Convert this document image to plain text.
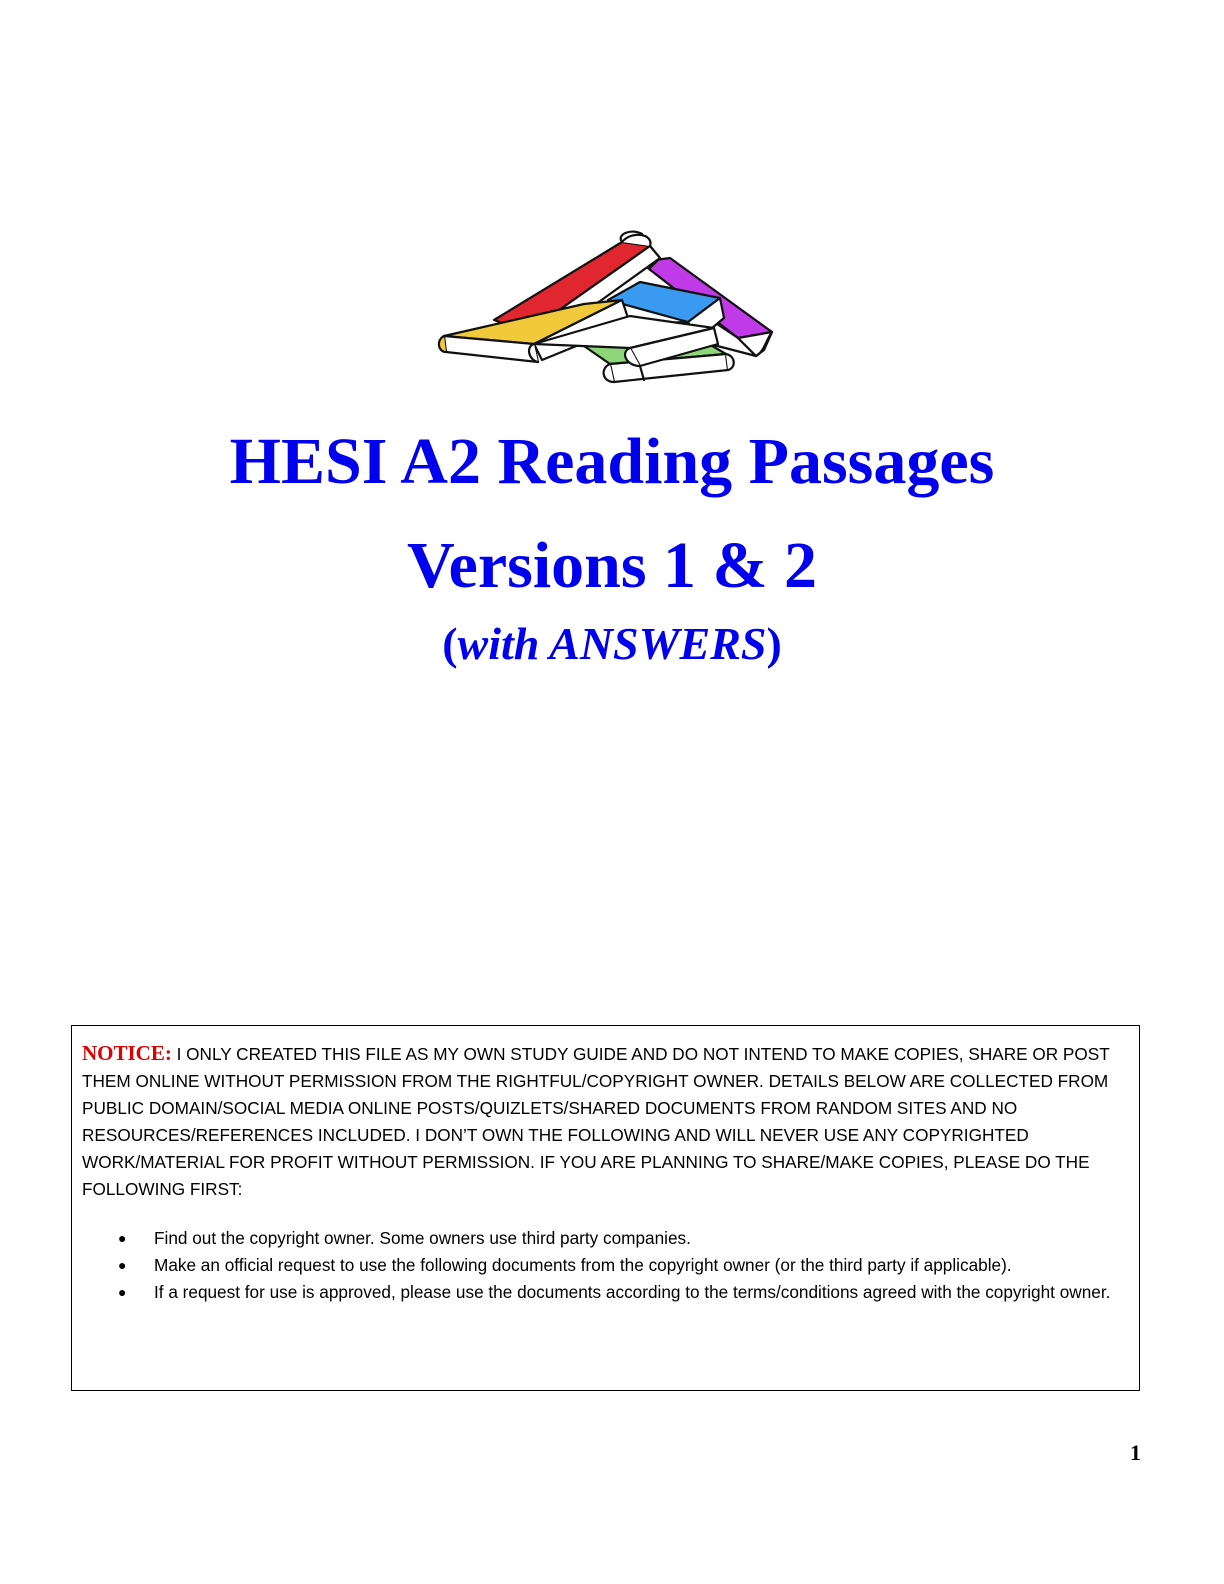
HESI A2 Reading Passages
Versions 1 & 2
(with ANSWERS)

NOTICE: I ONLY CREATED THIS FILE AS MY OWN STUDY GUIDE AND DO NOT INTEND TO MAKE COPIES, SHARE OR POST THEM ONLINE WITHOUT PERMISSION FROM THE RIGHTFUL/COPYRIGHT OWNER. DETAILS BELOW ARE COLLECTED FROM PUBLIC DOMAIN/SOCIAL MEDIA ONLINE POSTS/QUIZLETS/SHARED DOCUMENTS FROM RANDOM SITES AND NO RESOURCES/REFERENCES INCLUDED. I DON’T OWN THE FOLLOWING AND WILL NEVER USE ANY COPYRIGHTED WORK/MATERIAL FOR PROFIT WITHOUT PERMISSION. IF YOU ARE PLANNING TO SHARE/MAKE COPIES, PLEASE DO THE FOLLOWING FIRST:

● Find out the copyright owner. Some owners use third party companies.
● Make an official request to use the following documents from the copyright owner (or the third party if applicable).
● If a request for use is approved, please use the documents according to the terms/conditions agreed with the copyright owner.
1
